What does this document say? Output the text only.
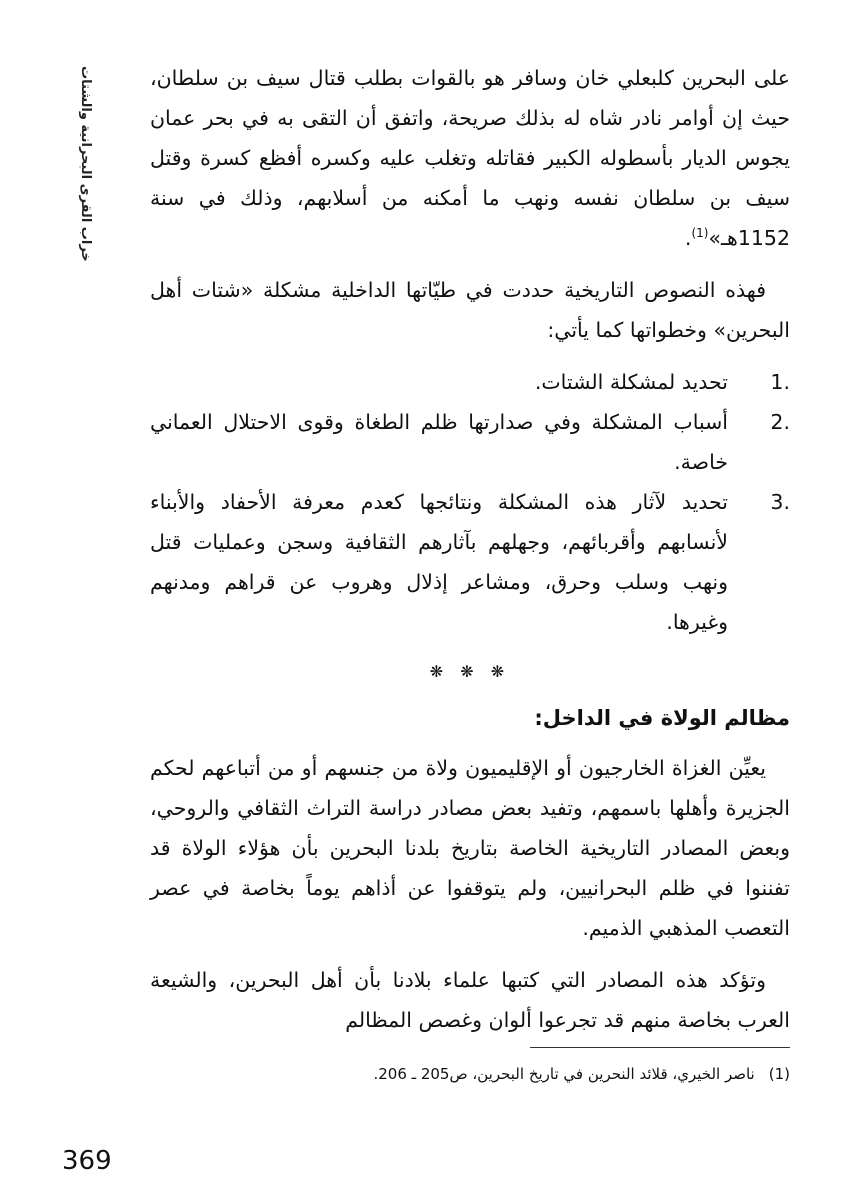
خراب القرى البحرانية والشتات	على البحرين كلبعلي خان وسافر هو بالقوات بطلب قتال سيف بن سلطان، حيث إن أوامر نادر شاه له بذلك صريحة، واتفق أن التقى به في بحر عمان يجوس الديار بأسطوله الكبير فقاتله وتغلب عليه وكسره أفظع كسرة وقتل سيف بن سلطان نفسه ونهب ما أمكنه من أسلابهم، وذلك في سنة 1152هـ»$^{(1)}$.

فهذه النصوص التاريخية حددت في طيّاتها الداخلية مشكلة «شتات أهل البحرين» وخطواتها كما يأتي:

.1
تحديد لمشكلة الشتات.
.2
أسباب المشكلة وفي صدارتها ظلم الطغاة وقوى الاحتلال العماني خاصة.
.3
تحديد لآثار هذه المشكلة ونتائجها كعدم معرفة الأحفاد والأبناء لأنسابهم وأقربائهم، وجهلهم بآثارهم الثقافية وسجن وعمليات قتل ونهب وسلب وحرق، ومشاعر إذلال وهروب عن قراهم ومدنهم وغيرها.
❋ ❋ ❋
مظالم الولاة في الداخل:

يعيِّن الغزاة الخارجيون أو الإقليميون ولاة من جنسهم أو من أتباعهم لحكم الجزيرة وأهلها باسمهم، وتفيد بعض مصادر دراسة التراث الثقافي والروحي، وبعض المصادر التاريخية الخاصة بتاريخ بلدنا البحرين بأن هؤلاء الولاة قد تفننوا في ظلم البحرانيين، ولم يتوقفوا عن أذاهم يوماً بخاصة في عصر التعصب المذهبي الذميم.

وتؤكد هذه المصادر التي كتبها علماء بلادنا بأن أهل البحرين، والشيعة العرب بخاصة منهم قد تجرعوا ألوان وغصص المظالم

(1)ناصر الخيري، قلائد النحرين في تاريخ البحرين، ص205 ـ 206.
369
